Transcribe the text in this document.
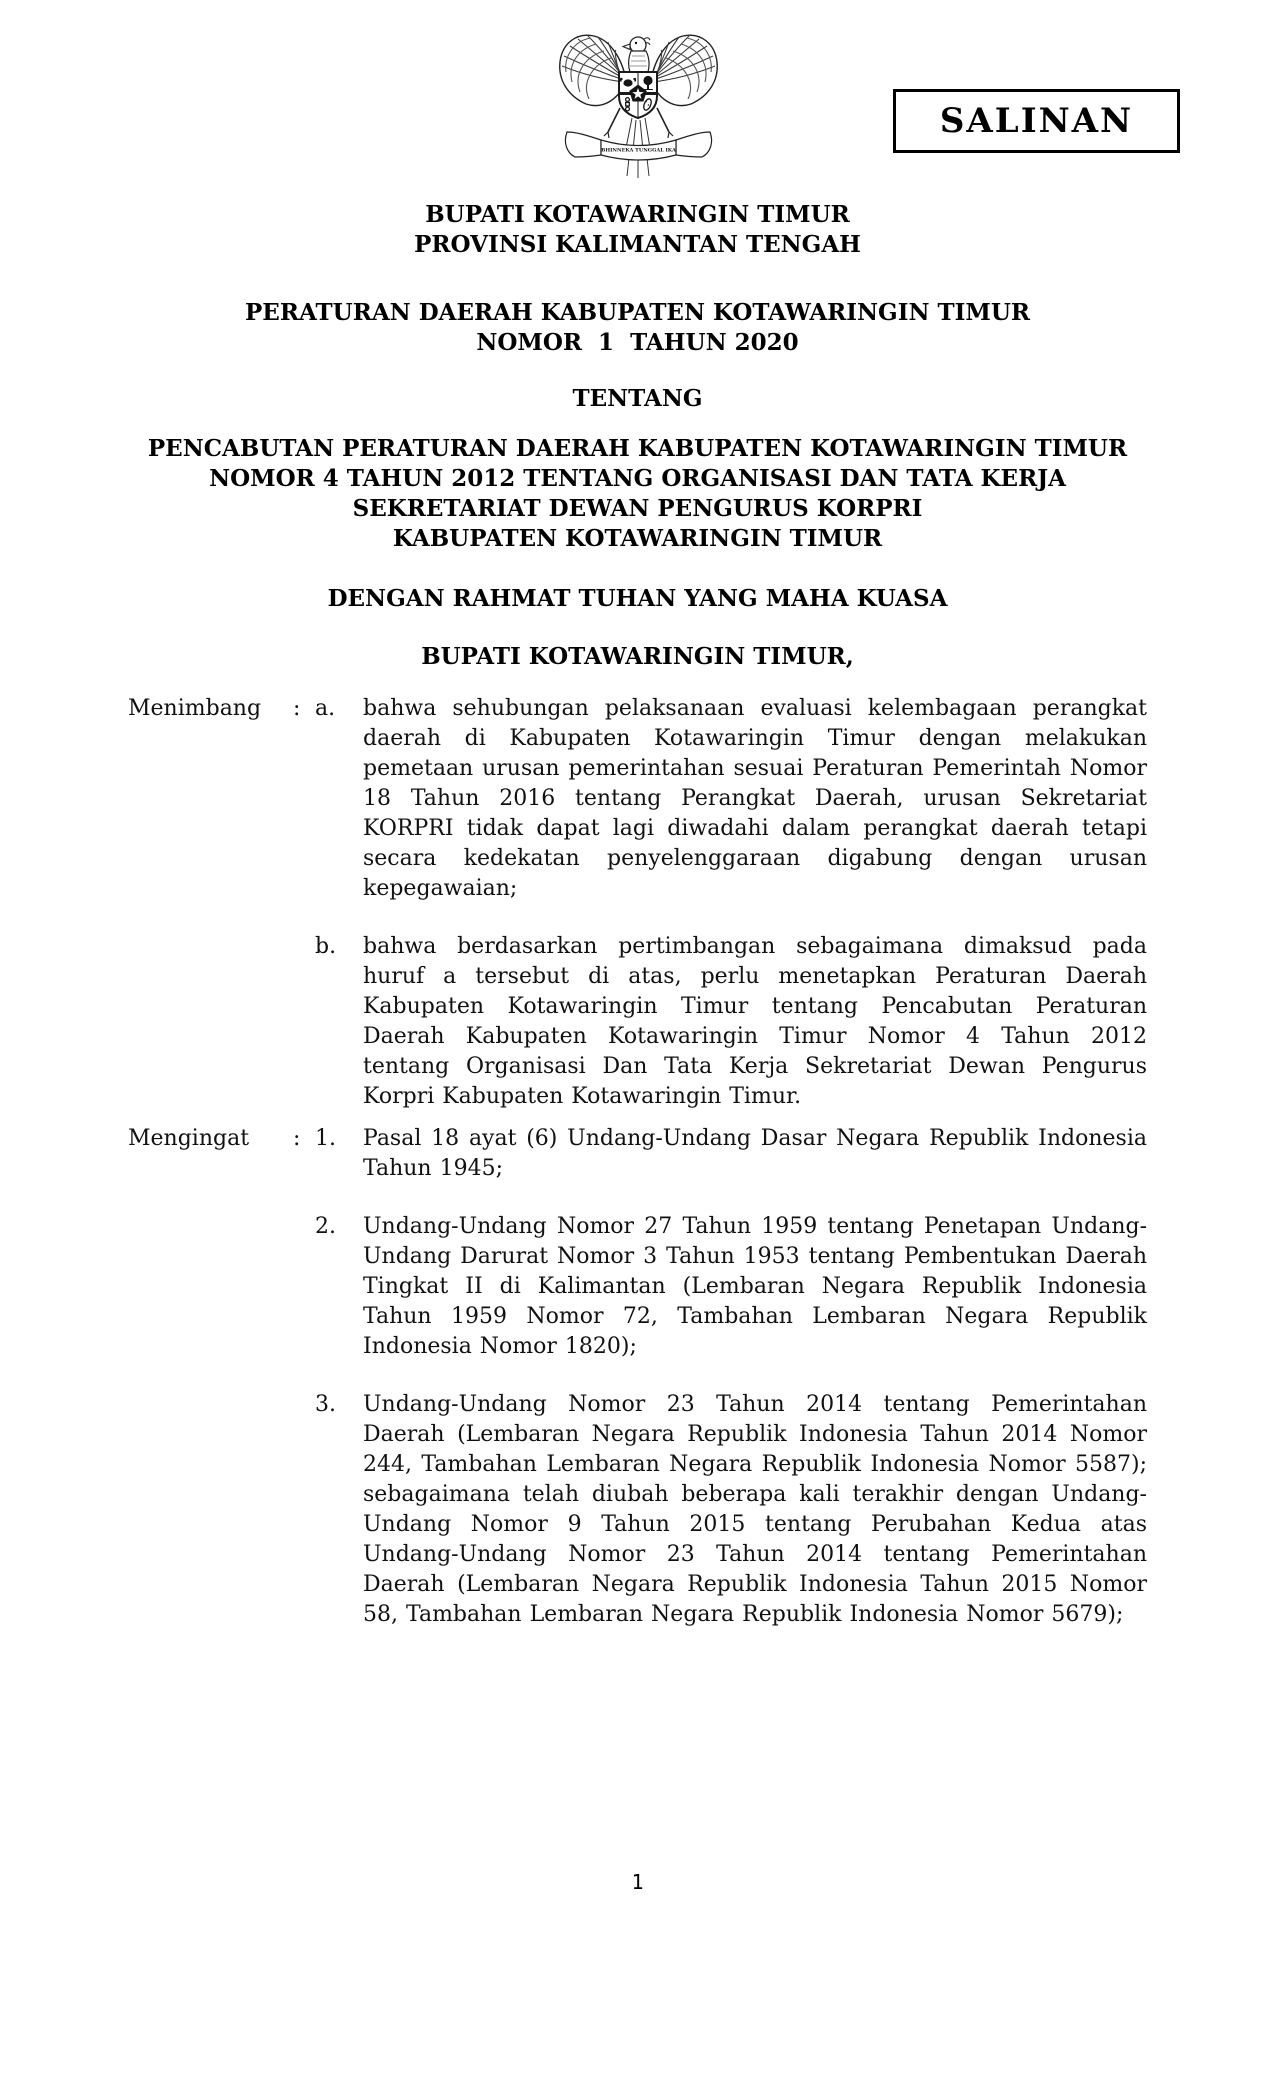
BHINNEKA TUNGGAL IKA
SALINAN
BUPATI KOTAWARINGIN TIMUR
PROVINSI KALIMANTAN TENGAH
PERATURAN DAERAH KABUPATEN KOTAWARINGIN TIMUR
NOMOR  1  TAHUN 2020
TENTANG
PENCABUTAN PERATURAN DAERAH KABUPATEN KOTAWARINGIN TIMUR
NOMOR 4 TAHUN 2012 TENTANG ORGANISASI DAN TATA KERJA
SEKRETARIAT DEWAN PENGURUS KORPRI
KABUPATEN KOTAWARINGIN TIMUR
DENGAN RAHMAT TUHAN YANG MAHA KUASA
BUPATI KOTAWARINGIN TIMUR,
Menimbang	: a.	bahwa sehubungan pelaksanaan evaluasi kelembagaan perangkat daerah di Kabupaten Kotawaringin Timur dengan melakukan pemetaan urusan pemerintahan sesuai Peraturan Pemerintah Nomor 18 Tahun 2016 tentang Perangkat Daerah, urusan Sekretariat KORPRI tidak dapat lagi diwadahi dalam perangkat daerah tetapi secara kedekatan penyelenggaraan digabung dengan urusan kepegawaian;
b.	bahwa berdasarkan pertimbangan sebagaimana dimaksud pada huruf a tersebut di atas, perlu menetapkan Peraturan Daerah Kabupaten Kotawaringin Timur tentang Pencabutan Peraturan Daerah Kabupaten Kotawaringin Timur Nomor 4 Tahun 2012 tentang Organisasi Dan Tata Kerja Sekretariat Dewan Pengurus Korpri Kabupaten Kotawaringin Timur.
Mengingat	: 1.	Pasal 18 ayat (6) Undang-Undang Dasar Negara Republik Indonesia Tahun 1945;
2.	Undang-Undang Nomor 27 Tahun 1959 tentang Penetapan Undang-Undang Darurat Nomor 3 Tahun 1953 tentang Pembentukan Daerah Tingkat II di Kalimantan (Lembaran Negara Republik Indonesia Tahun 1959 Nomor 72, Tambahan Lembaran Negara Republik Indonesia Nomor 1820);
3.	Undang-Undang Nomor 23 Tahun 2014 tentang Pemerintahan Daerah (Lembaran Negara Republik Indonesia Tahun 2014 Nomor 244, Tambahan Lembaran Negara Republik Indonesia Nomor 5587); sebagaimana telah diubah beberapa kali terakhir dengan Undang-Undang Nomor 9 Tahun 2015 tentang Perubahan Kedua atas Undang-Undang Nomor 23 Tahun 2014 tentang Pemerintahan Daerah (Lembaran Negara Republik Indonesia Tahun 2015 Nomor 58, Tambahan Lembaran Negara Republik Indonesia Nomor 5679);
1
